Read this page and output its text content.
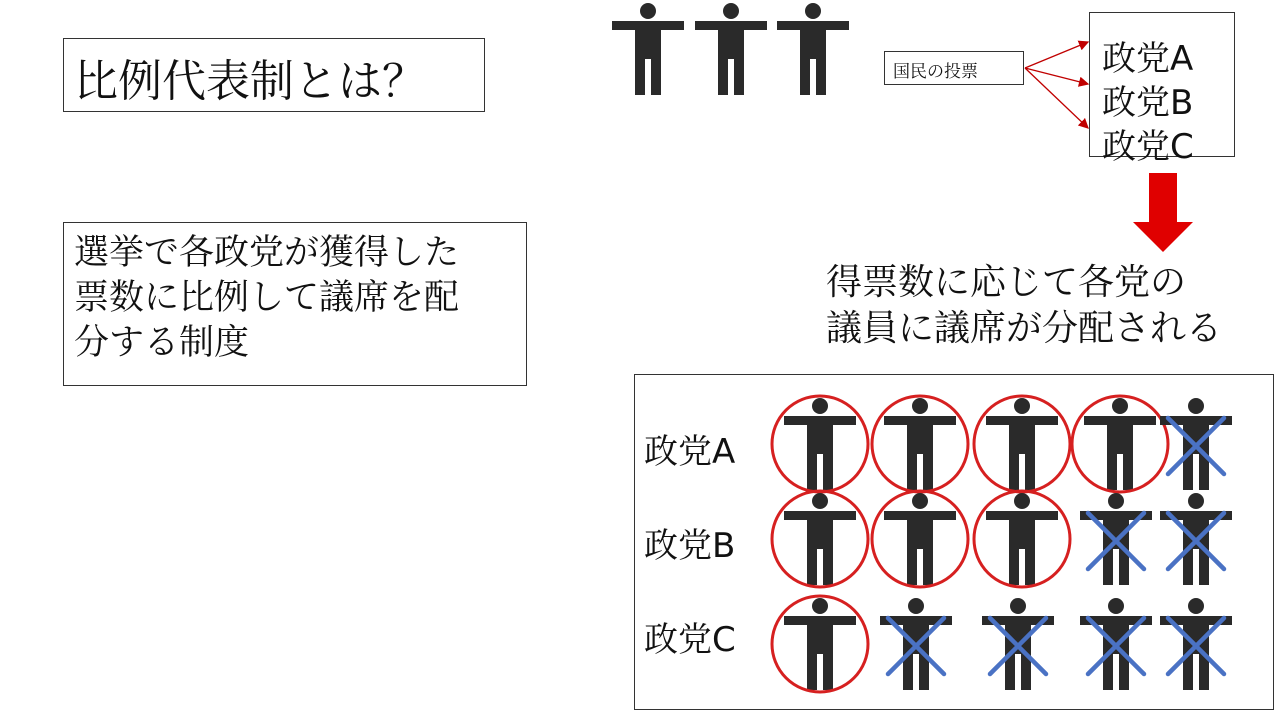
比例代表制とは？
選挙で各政党が獲得した
票数に比例して議席を配
分する制度
国民の投票	政党A
政党B
政党C
得票数に応じて各党の
議員に議席が分配される
政党A
政党B
政党C
